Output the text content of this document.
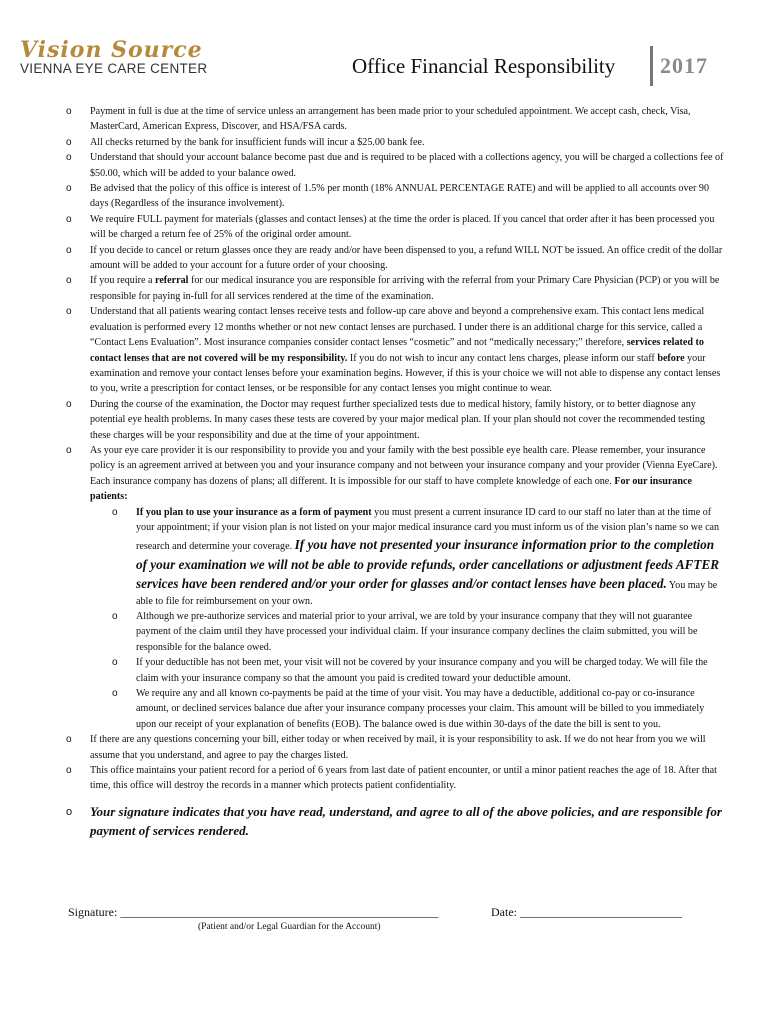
Vision Source
VIENNA EYE CARE CENTER	Office Financial Responsibility 2017

o Payment in full is due at the time of service unless an arrangement has been made prior to your scheduled appointment. We accept cash, check, Visa, MasterCard, American Express, Discover, and HSA/FSA cards.

o All checks returned by the bank for insufficient funds will incur a $25.00 bank fee.

o Understand that should your account balance become past due and is required to be placed with a collections agency, you will be charged a collections fee of $50.00, which will be added to your balance owed.

o Be advised that the policy of this office is interest of 1.5% per month (18% ANNUAL PERCENTAGE RATE) and will be applied to all accounts over 90 days (Regardless of the insurance involvement).

o We require FULL payment for materials (glasses and contact lenses) at the time the order is placed. If you cancel that order after it has been processed you will be charged a return fee of 25% of the original order amount.

o If you decide to cancel or return glasses once they are ready and/or have been dispensed to you, a refund WILL NOT be issued. An office credit of the dollar amount will be added to your account for a future order of your choosing.

o If you require a referral for our medical insurance you are responsible for arriving with the referral from your Primary Care Physician (PCP) or you will be responsible for paying in-full for all services rendered at the time of the examination.

o Understand that all patients wearing contact lenses receive tests and follow-up care above and beyond a comprehensive exam. This contact lens medical evaluation is performed every 12 months whether or not new contact lenses are purchased. I under there is an additional charge for this service, called a “Contact Lens Evaluation”. Most insurance companies consider contact lenses “cosmetic” and not “medically necessary;” therefore, services related to contact lenses that are not covered will be my responsibility. If you do not wish to incur any contact lens charges, please inform our staff before your examination and remove your contact lenses before your examination begins. However, if this is your choice we will not able to dispense any contact lenses to you, write a prescription for contact lenses, or be responsible for any contact lenses you might continue to wear.

o During the course of the examination, the Doctor may request further specialized tests due to medical history, family history, or to better diagnose any potential eye health problems. In many cases these tests are covered by your major medical plan. If your plan should not cover the recommended testing these charges will be your responsibility and due at the time of your appointment.

o As your eye care provider it is our responsibility to provide you and your family with the best possible eye health care. Please remember, your insurance policy is an agreement arrived at between you and your insurance company and not between your insurance company and your provider (Vienna EyeCare). Each insurance company has dozens of plans; all different. It is impossible for our staff to have complete knowledge of each one. For our insurance patients:

o If you plan to use your insurance as a form of payment you must present a current insurance ID card to our staff no later than at the time of your appointment; if your vision plan is not listed on your major medical insurance card you must inform us of the vision plan’s name so we can research and determine your coverage. If you have not presented your insurance information prior to the completion of your examination we will not be able to provide refunds, order cancellations or adjustment feeds AFTER services have been rendered and/or your order for glasses and/or contact lenses have been placed. You may be able to file for reimbursement on your own.

o Although we pre-authorize services and material prior to your arrival, we are told by your insurance company that they will not guarantee payment of the claim until they have processed your individual claim. If your insurance company declines the claim submitted, you will be responsible for the balance owed.

o If your deductible has not been met, your visit will not be covered by your insurance company and you will be charged today. We will file the claim with your insurance company so that the amount you paid is credited toward your deductible amount.

o We require any and all known co-payments be paid at the time of your visit. You may have a deductible, additional co-pay or co-insurance amount, or declined services balance due after your insurance company processes your claim. This amount will be billed to you immediately upon our receipt of your explanation of benefits (EOB). The balance owed is due within 30-days of the date the bill is sent to you.

o If there are any questions concerning your bill, either today or when received by mail, it is your responsibility to ask. If we do not hear from you we will assume that you understand, and agree to pay the charges listed.

o This office maintains your patient record for a period of 6 years from last date of patient encounter, or until a minor patient reaches the age of 18. After that time, this office will destroy the records in a manner which protects patient confidentiality.

o Your signature indicates that you have read, understand, and agree to all of the above policies, and are responsible for payment of services rendered.

Signature: _____________________________________________________	Date: ___________________________
(Patient and/or Legal Guardian for the Account)
